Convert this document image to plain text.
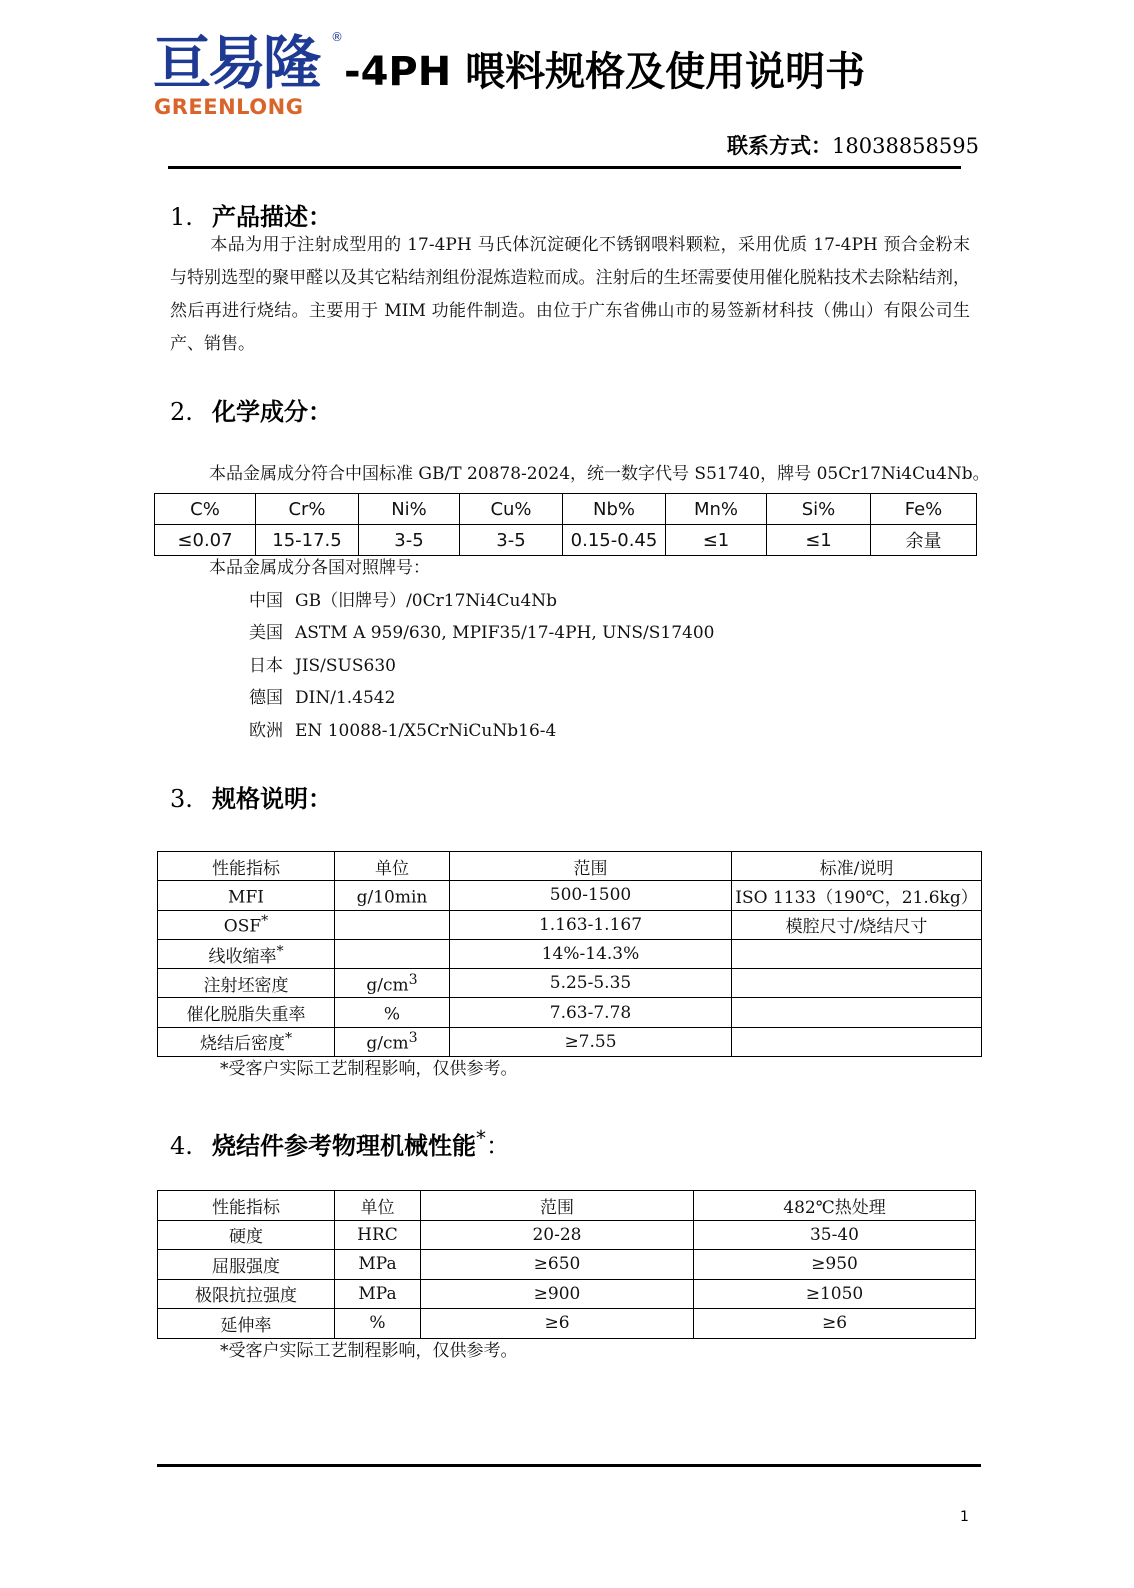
亘易隆 ®
GREENLONG
-4PH 喂料规格及使用说明书
联系方式：18038858595
1. 产品描述：
本品为用于注射成型用的 17-4PH 马氏体沉淀硬化不锈钢喂料颗粒，采用优质 17-4PH 预合金粉末与特别选型的聚甲醛以及其它粘结剂组份混炼造粒而成。注射后的生坯需要使用催化脱粘技术去除粘结剂，然后再进行烧结。主要用于 MIM 功能件制造。由位于广东省佛山市的易签新材科技（佛山）有限公司生产、销售。
2. 化学成分：
本品金属成分符合中国标准 GB/T 20878-2024，统一数字代号 S51740，牌号 05Cr17Ni4Cu4Nb。
C%	Cr%	Ni%	Cu%	Nb%	Mn%	Si%	Fe%
≤0.07	15-17.5	3-5	3-5	0.15-0.45	≤1	≤1	余量
本品金属成分各国对照牌号：
中国 GB（旧牌号）/0Cr17Ni4Cu4Nb
美国 ASTM A 959/630, MPIF35/17-4PH, UNS/S17400
日本 JIS/SUS630
德国 DIN/1.4542
欧洲 EN 10088-1/X5CrNiCuNb16-4
3. 规格说明：
性能指标	单位	范围	标准/说明
MFI	g/10min	500-1500	ISO 1133（190℃，21.6kg）
OSF*		1.163-1.167	模腔尺寸/烧结尺寸
线收缩率*		14%-14.3%	
注射坯密度	$g/cm^3$	5.25-5.35	
催化脱脂失重率	%	7.63-7.78	
烧结后密度*	$g/cm^3$	≥7.55	
*受客户实际工艺制程影响，仅供参考。
4. 烧结件参考物理机械性能*：
性能指标	单位	范围	482℃热处理
硬度	HRC	20-28	35-40
屈服强度	MPa	≥650	≥950
极限抗拉强度	MPa	≥900	≥1050
延伸率	%	≥6	≥6
*受客户实际工艺制程影响，仅供参考。
1
